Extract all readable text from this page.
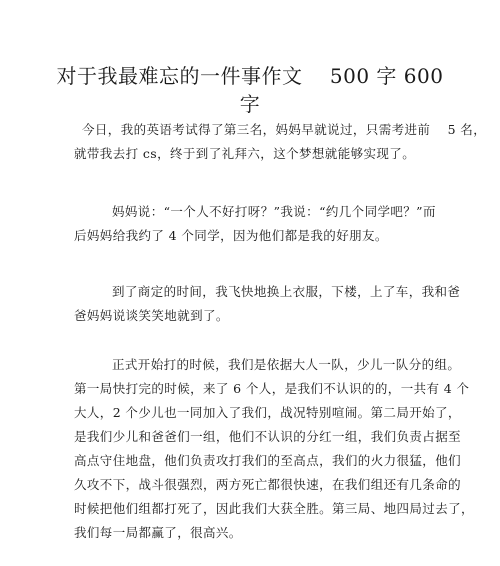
对于我最难忘的一件事作文　 500 字 600
字
今日，我的英语考试得了第三名，妈妈早就说过，只需考进前　 5 名，
就带我去打 cs，终于到了礼拜六，这个梦想就能够实现了。
妈妈说：“一个人不好打呀？”我说：“约几个同学吧？”而
后妈妈给我约了 4 个同学，因为他们都是我的好朋友。
到了商定的时间，我飞快地换上衣服，下楼，上了车，我和爸
爸妈妈说谈笑笑地就到了。
正式开始打的时候，我们是依据大人一队，少儿一队分的组。
第一局快打完的时候，来了 6 个人，是我们不认识的的，一共有 4 个
大人，2 个少儿也一同加入了我们，战况特别喧闹。第二局开始了，
是我们少儿和爸爸们一组，他们不认识的分红一组，我们负责占据至
高点守住地盘，他们负责攻打我们的至高点，我们的火力很猛，他们
久攻不下，战斗很强烈，两方死亡都很快速，在我们组还有几条命的
时候把他们组都打死了，因此我们大获全胜。第三局、地四局过去了，
我们每一局都赢了，很高兴。
